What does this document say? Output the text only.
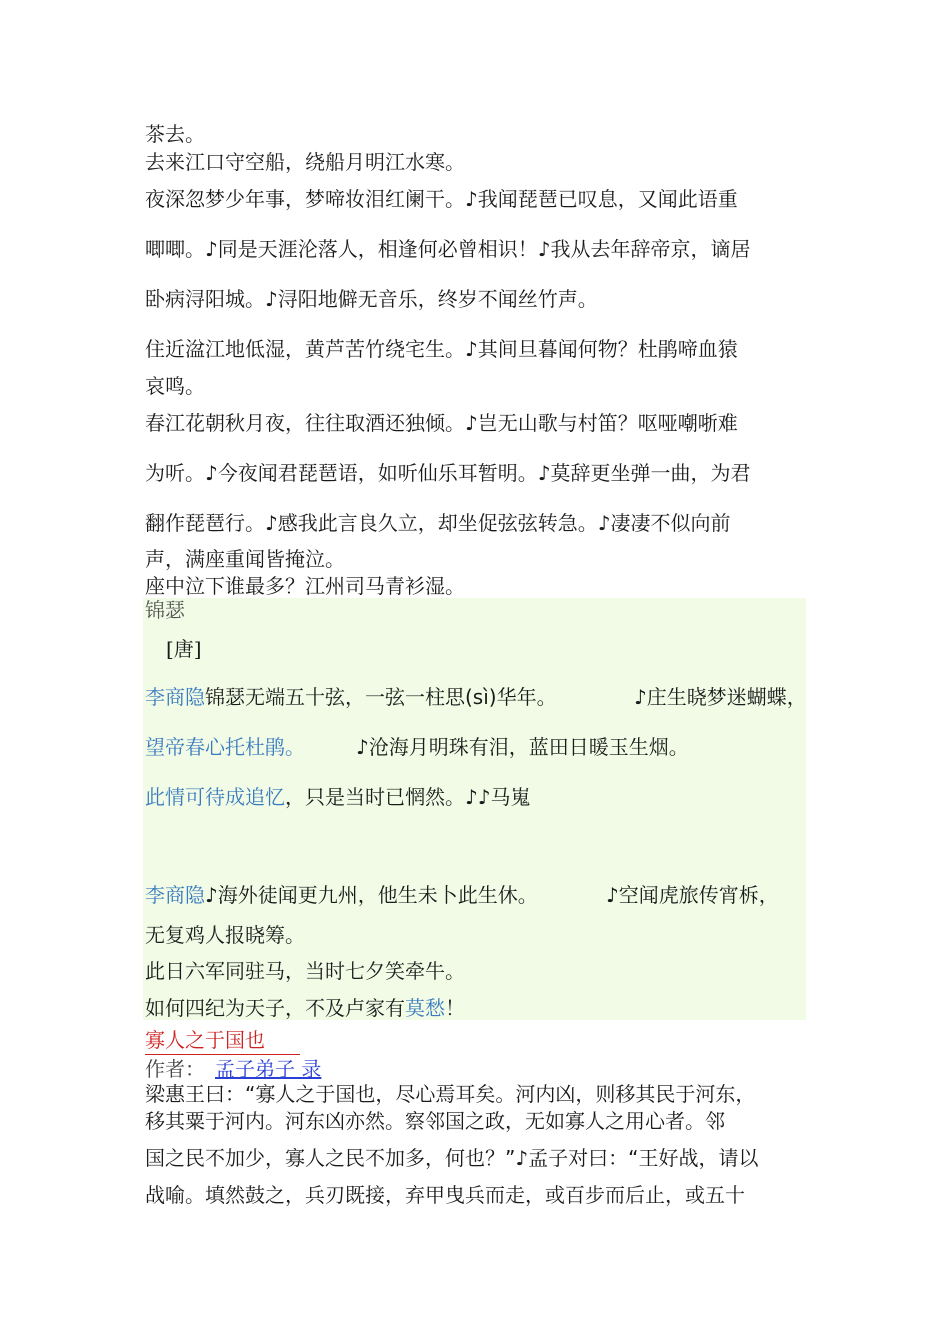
茶去。
去来江口守空船，绕船月明江水寒。
夜深忽梦少年事，梦啼妆泪红阑干。♪我闻琵琶已叹息，又闻此语重
唧唧。♪同是天涯沦落人，相逢何必曾相识！♪我从去年辞帝京，谪居
卧病浔阳城。♪浔阳地僻无音乐，终岁不闻丝竹声。
住近湓江地低湿，黄芦苦竹绕宅生。♪其间旦暮闻何物？杜鹃啼血猿
哀鸣。
春江花朝秋月夜，往往取酒还独倾。♪岂无山歌与村笛？呕哑嘲哳难
为听。♪今夜闻君琵琶语，如听仙乐耳暂明。♪莫辞更坐弹一曲，为君
翻作琵琶行。♪感我此言良久立，却坐促弦弦转急。♪凄凄不似向前
声，满座重闻皆掩泣。
座中泣下谁最多？江州司马青衫湿。
锦瑟
[唐]
李商隐锦瑟无端五十弦，一弦一柱思(sì)华年。	♪庄生晓梦迷蝴蝶，
望帝春心托杜鹃。	♪沧海月明珠有泪，蓝田日暖玉生烟。
此情可待成追忆，只是当时已惘然。♪♪马嵬
李商隐♪海外徒闻更九州，他生未卜此生休。	♪空闻虎旅传宵柝，
无复鸡人报晓筹。
此日六军同驻马，当时七夕笑牵牛。
如何四纪为天子，不及卢家有莫愁！
寡人之于国也
作者： 孟子弟子 录
梁惠王曰：“寡人之于国也，尽心焉耳矣。河内凶，则移其民于河东，
移其粟于河内。河东凶亦然。察邻国之政，无如寡人之用心者。邻
国之民不加少，寡人之民不加多，何也？”♪孟子对曰：“王好战，请以
战喻。填然鼓之，兵刃既接，弃甲曳兵而走，或百步而后止，或五十
